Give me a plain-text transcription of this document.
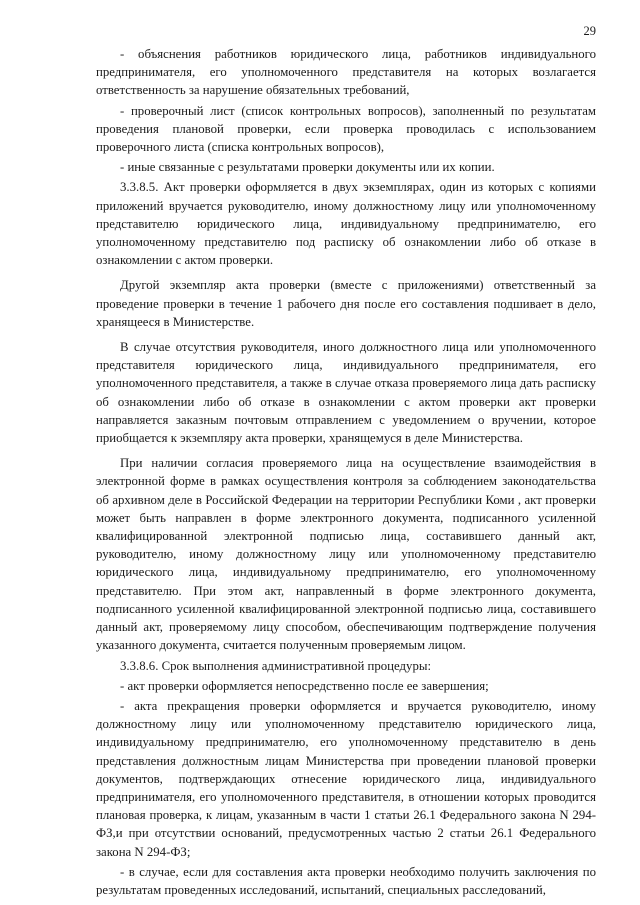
29

- объяснения работников юридического лица, работников индивидуального предпринимателя, его уполномоченного представителя на которых возлагается ответственность за нарушение обязательных требований,

- проверочный лист (список контрольных вопросов), заполненный по результатам проведения плановой проверки, если проверка проводилась с использованием проверочного листа (списка контрольных вопросов),

- иные связанные с результатами проверки документы или их копии.

3.3.8.5. Акт проверки оформляется в двух экземплярах, один из которых с копиями приложений вручается руководителю, иному должностному лицу или уполномоченному представителю юридического лица, индивидуальному предпринимателю, его уполномоченному представителю под расписку об ознакомлении либо об отказе в ознакомлении с актом проверки.

Другой экземпляр акта проверки (вместе с приложениями) ответственный за проведение проверки в течение 1 рабочего дня после его составления подшивает в дело, хранящееся в Министерстве.

В случае отсутствия руководителя, иного должностного лица или уполномоченного представителя юридического лица, индивидуального предпринимателя, его уполномоченного представителя, а также в случае отказа проверяемого лица дать расписку об ознакомлении либо об отказе в ознакомлении с актом проверки акт проверки направляется заказным почтовым отправлением с уведомлением о вручении, которое приобщается к экземпляру акта проверки, хранящемуся в деле Министерства.

При наличии согласия проверяемого лица на осуществление взаимодействия в электронной форме в рамках осуществления контроля за соблюдением законодательства об архивном деле в Российской Федерации на территории Республики Коми , акт проверки может быть направлен в форме электронного документа, подписанного усиленной квалифицированной электронной подписью лица, составившего данный акт, руководителю, иному должностному лицу или уполномоченному представителю юридического лица, индивидуальному предпринимателю, его уполномоченному представителю. При этом акт, направленный в форме электронного документа, подписанного усиленной квалифицированной электронной подписью лица, составившего данный акт, проверяемому лицу способом, обеспечивающим подтверждение получения указанного документа, считается полученным проверяемым лицом.

3.3.8.6. Срок выполнения административной процедуры:

- акт проверки оформляется непосредственно после ее завершения;

- акта прекращения проверки оформляется и вручается руководителю, иному должностному лицу или уполномоченному представителю юридического лица, индивидуальному предпринимателю, его уполномоченному представителю в день представления должностным лицам Министерства при проведении плановой проверки документов, подтверждающих отнесение юридического лица, индивидуального предпринимателя, его уполномоченного представителя, в отношении которых проводится плановая проверка, к лицам, указанным в части 1 статьи 26.1 Федерального закона N 294-ФЗ,и при отсутствии оснований, предусмотренных частью 2 статьи 26.1 Федерального закона N 294-ФЗ;

- в случае, если для составления акта проверки необходимо получить заключения по результатам проведенных исследований, испытаний, специальных расследований,
